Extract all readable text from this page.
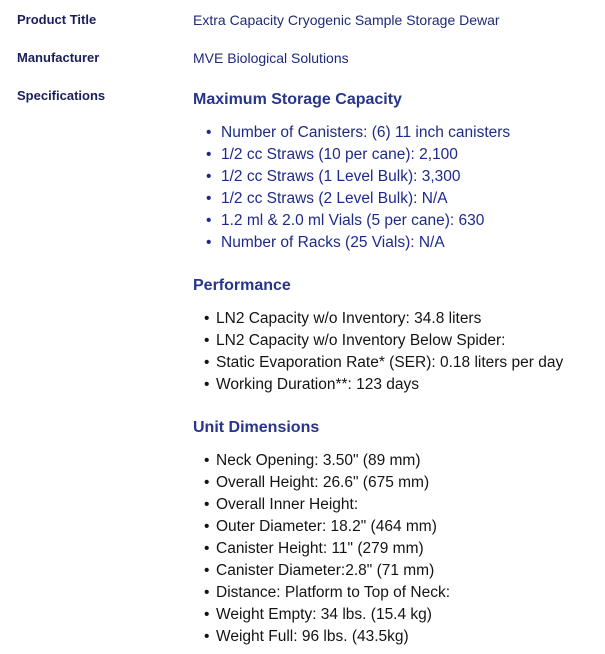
Product Title	Extra Capacity Cryogenic Sample Storage Dewar
Manufacturer	MVE Biological Solutions
Specifications	Maximum Storage Capacity
• Number of Canisters: (6) 11 inch canisters
• 1/2 cc Straws (10 per cane): 2,100
• 1/2 cc Straws (1 Level Bulk): 3,300
• 1/2 cc Straws (2 Level Bulk): N/A
• 1.2 ml & 2.0 ml Vials (5 per cane): 630
• Number of Racks (25 Vials): N/A
Performance
• LN2 Capacity w/o Inventory: 34.8 liters
• LN2 Capacity w/o Inventory Below Spider:
• Static Evaporation Rate* (SER): 0.18 liters per day
• Working Duration**: 123 days
Unit Dimensions
• Neck Opening: 3.50" (89 mm)
• Overall Height: 26.6" (675 mm)
• Overall Inner Height:
• Outer Diameter: 18.2" (464 mm)
• Canister Height: 11" (279 mm)
• Canister Diameter:2.8" (71 mm)
• Distance: Platform to Top of Neck:
• Weight Empty: 34 lbs. (15.4 kg)
• Weight Full: 96 lbs. (43.5kg)
